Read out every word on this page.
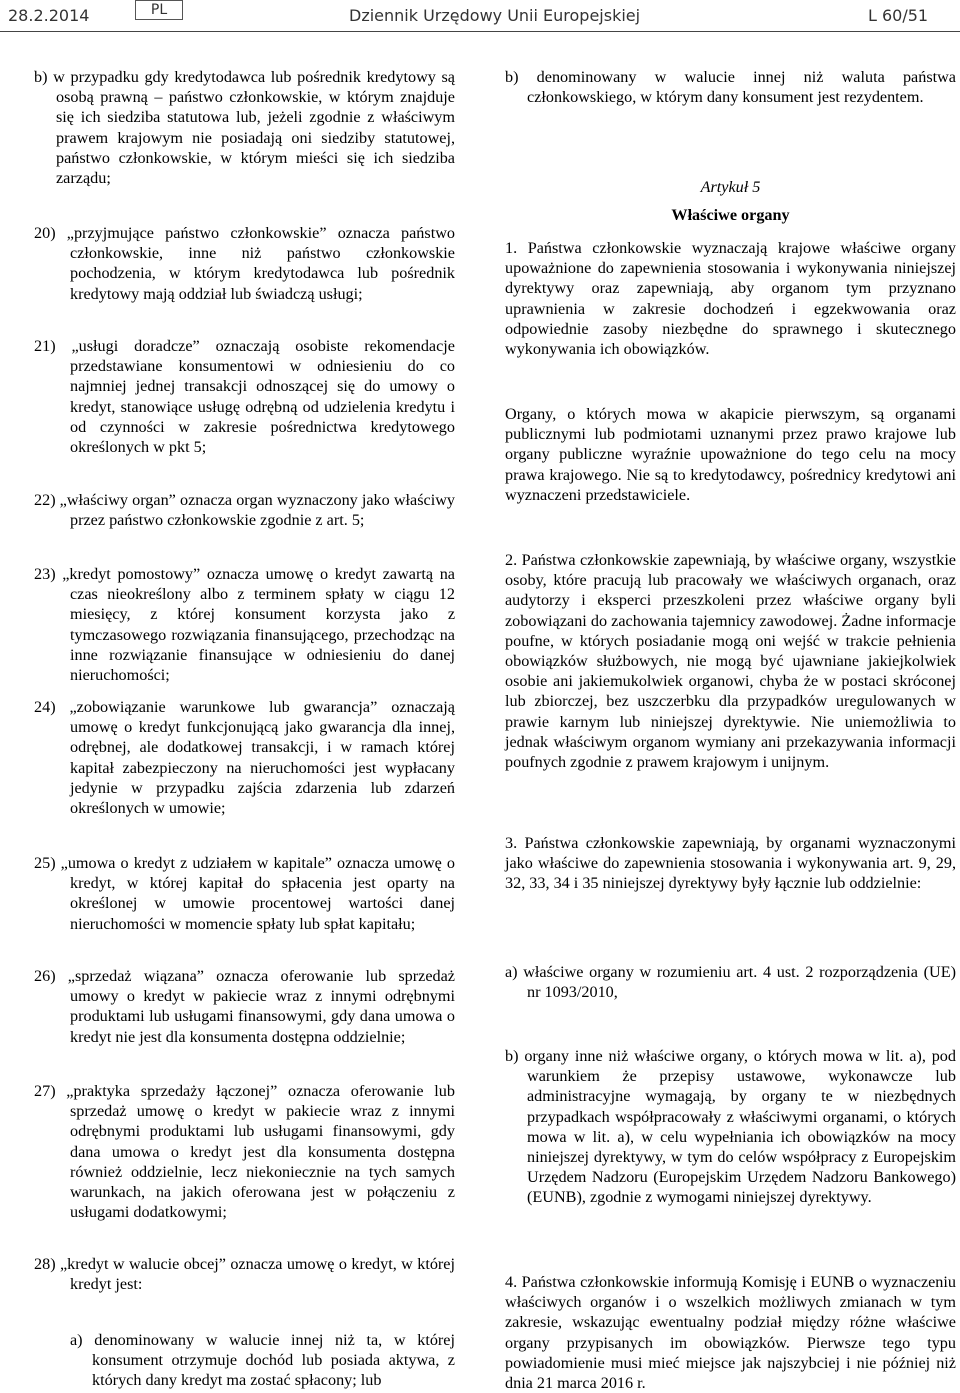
28.2.2014	PL	Dziennik Urzędowy Unii Europejskiej	L 60/51

b) w przypadku gdy kredytodawca lub pośrednik kredytowy są osobą prawną – państwo członkowskie, w którym znajduje się ich siedziba statutowa lub, jeżeli zgodnie z właściwym prawem krajowym nie posiadają oni siedziby statutowej, państwo członkowskie, w którym mieści się ich siedziba zarządu;

20) „przyjmujące państwo członkowskie” oznacza państwo członkowskie, inne niż państwo członkowskie pochodzenia, w którym kredytodawca lub pośrednik kredytowy mają oddział lub świadczą usługi;

21) „usługi doradcze” oznaczają osobiste rekomendacje przedstawiane konsumentowi w odniesieniu do co najmniej jednej transakcji odnoszącej się do umowy o kredyt, stanowiące usługę odrębną od udzielenia kredytu i od czynności w zakresie pośrednictwa kredytowego określonych w pkt 5;

22) „właściwy organ” oznacza organ wyznaczony jako właściwy przez państwo członkowskie zgodnie z art. 5;

23) „kredyt pomostowy” oznacza umowę o kredyt zawartą na czas nieokreślony albo z terminem spłaty w ciągu 12 miesięcy, z której konsument korzysta jako z tymczasowego rozwiązania finansującego, przechodząc na inne rozwiązanie finansujące w odniesieniu do danej nieruchomości;

24) „zobowiązanie warunkowe lub gwarancja” oznaczają umowę o kredyt funkcjonującą jako gwarancja dla innej, odrębnej, ale dodatkowej transakcji, i w ramach której kapitał zabezpieczony na nieruchomości jest wypłacany jedynie w przypadku zajścia zdarzenia lub zdarzeń określonych w umowie;

25) „umowa o kredyt z udziałem w kapitale” oznacza umowę o kredyt, w której kapitał do spłacenia jest oparty na określonej w umowie procentowej wartości danej nieruchomości w momencie spłaty lub spłat kapitału;

26) „sprzedaż wiązana” oznacza oferowanie lub sprzedaż umowy o kredyt w pakiecie wraz z innymi odrębnymi produktami lub usługami finansowymi, gdy dana umowa o kredyt nie jest dla konsumenta dostępna oddzielnie;

27) „praktyka sprzedaży łączonej” oznacza oferowanie lub sprzedaż umowę o kredyt w pakiecie wraz z innymi odrębnymi produktami lub usługami finansowymi, gdy dana umowa o kredyt jest dla konsumenta dostępna również oddzielnie, lecz niekoniecznie na tych samych warunkach, na jakich oferowana jest w połączeniu z usługami dodatkowymi;

28) „kredyt w walucie obcej” oznacza umowę o kredyt, w której kredyt jest:

a) denominowany w walucie innej niż ta, w której konsument otrzymuje dochód lub posiada aktywa, z których dany kredyt ma zostać spłacony; lub

b) denominowany w walucie innej niż waluta państwa członkowskiego, w którym dany konsument jest rezydentem.

Artykuł 5

Właściwe organy

1. Państwa członkowskie wyznaczają krajowe właściwe organy upoważnione do zapewnienia stosowania i wykonywania niniejszej dyrektywy oraz zapewniają, aby organom tym przyznano uprawnienia w zakresie dochodzeń i egzekwowania oraz odpowiednie zasoby niezbędne do sprawnego i skutecznego wykonywania ich obowiązków.

Organy, o których mowa w akapicie pierwszym, są organami publicznymi lub podmiotami uznanymi przez prawo krajowe lub organy publiczne wyraźnie upoważnione do tego celu na mocy prawa krajowego. Nie są to kredytodawcy, pośrednicy kredytowi ani wyznaczeni przedstawiciele.

2. Państwa członkowskie zapewniają, by właściwe organy, wszystkie osoby, które pracują lub pracowały we właściwych organach, oraz audytorzy i eksperci przeszkoleni przez właściwe organy byli zobowiązani do zachowania tajemnicy zawodowej. Żadne informacje poufne, w których posiadanie mogą oni wejść w trakcie pełnienia obowiązków służbowych, nie mogą być ujawniane jakiejkolwiek osobie ani jakiemukolwiek organowi, chyba że w postaci skróconej lub zbiorczej, bez uszczerbku dla przypadków uregulowanych w prawie karnym lub niniejszej dyrektywie. Nie uniemożliwia to jednak właściwym organom wymiany ani przekazywania informacji poufnych zgodnie z prawem krajowym i unijnym.

3. Państwa członkowskie zapewniają, by organami wyznaczonymi jako właściwe do zapewnienia stosowania i wykonywania art. 9, 29, 32, 33, 34 i 35 niniejszej dyrektywy były łącznie lub oddzielnie:

a) właściwe organy w rozumieniu art. 4 ust. 2 rozporządzenia (UE) nr 1093/2010,

b) organy inne niż właściwe organy, o których mowa w lit. a), pod warunkiem że przepisy ustawowe, wykonawcze lub administracyjne wymagają, by organy te w niezbędnych przypadkach współpracowały z właściwymi organami, o których mowa w lit. a), w celu wypełniania ich obowiązków na mocy niniejszej dyrektywy, w tym do celów współpracy z Europejskim Urzędem Nadzoru (Europejskim Urzędem Nadzoru Bankowego) (EUNB), zgodnie z wymogami niniejszej dyrektywy.

4. Państwa członkowskie informują Komisję i EUNB o wyznaczeniu właściwych organów i o wszelkich możliwych zmianach w tym zakresie, wskazując ewentualny podział między różne właściwe organy przypisanych im obowiązków. Pierwsze tego typu powiadomienie musi mieć miejsce jak najszybciej i nie później niż dnia 21 marca 2016 r.
